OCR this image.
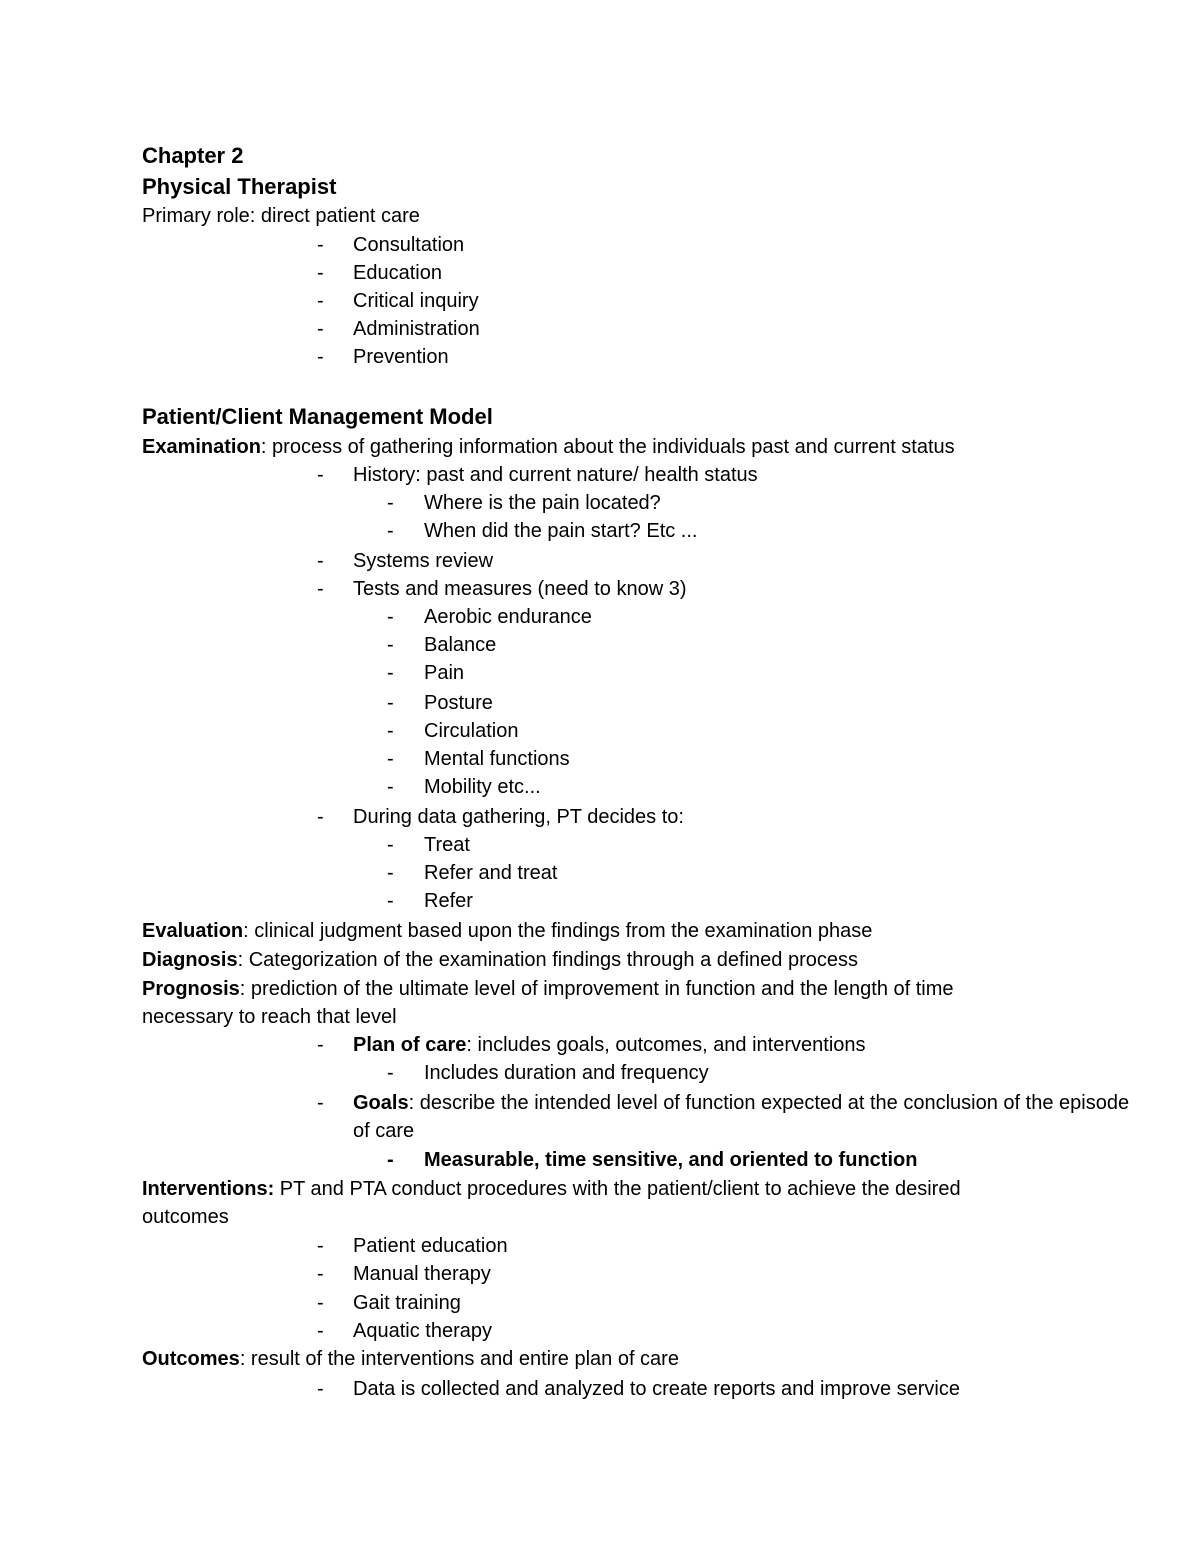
Chapter 2
Physical Therapist
Primary role: direct patient care
-	Consultation
-	Education
-	Critical inquiry
-	Administration
-	Prevention
Patient/Client Management Model
Examination: process of gathering information about the individuals past and current status
-	History: past and current nature/ health status
-	Where is the pain located?
-	When did the pain start? Etc ...
-	Systems review
-	Tests and measures (need to know 3)
-	Aerobic endurance
-	Balance
-	Pain
-	Posture
-	Circulation
-	Mental functions
-	Mobility etc...
-	During data gathering, PT decides to:
-	Treat
-	Refer and treat
-	Refer
Evaluation: clinical judgment based upon the findings from the examination phase
Diagnosis: Categorization of the examination findings through a defined process
Prognosis: prediction of the ultimate level of improvement in function and the length of time
necessary to reach that level
-	Plan of care: includes goals, outcomes, and interventions
-	Includes duration and frequency
-	Goals: describe the intended level of function expected at the conclusion of the episode
of care
-	Measurable, time sensitive, and oriented to function
Interventions: PT and PTA conduct procedures with the patient/client to achieve the desired
outcomes
-	Patient education
-	Manual therapy
-	Gait training
-	Aquatic therapy
Outcomes: result of the interventions and entire plan of care
-	Data is collected and analyzed to create reports and improve service
